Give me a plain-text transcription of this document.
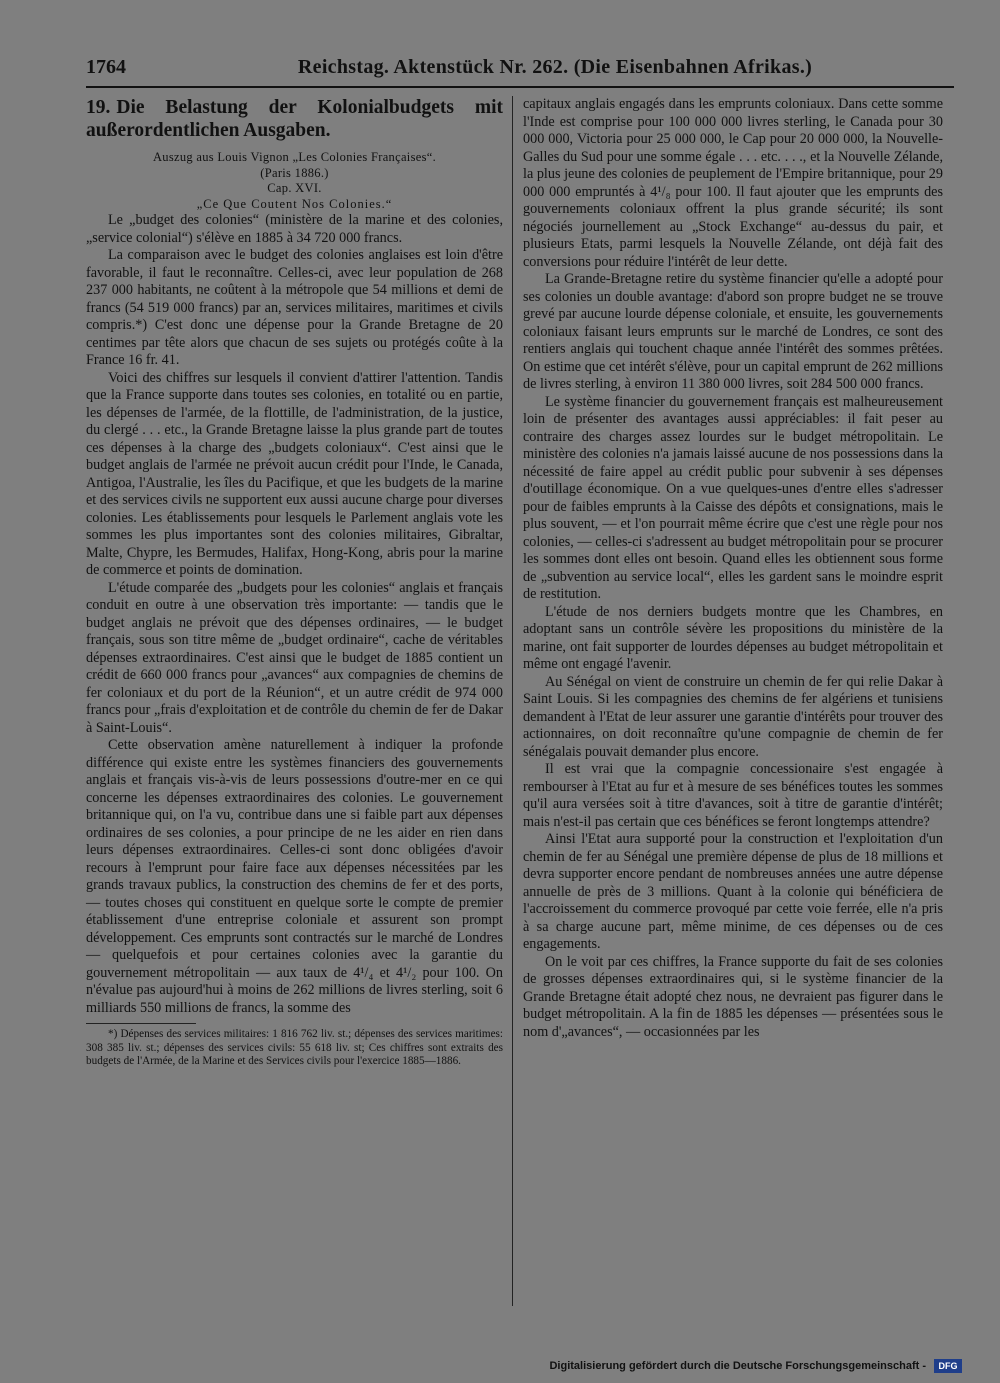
1764	Reichstag. Aktenstück Nr. 262. (Die Eisenbahnen Afrikas.)

19. Die Belastung der Kolonialbudgets mit außerordentlichen Ausgaben.

Auszug aus Louis Vignon „Les Colonies Françaises“.

(Paris 1886.)

Cap. XVI.

„Ce Que Coutent Nos Colonies.“

Le „budget des colonies“ (ministère de la marine et des colonies, „service colonial“) s'élève en 1885 à 34 720 000 francs.

La comparaison avec le budget des colonies anglaises est loin d'être favorable, il faut le reconnaître. Celles-ci, avec leur population de 268 237 000 habitants, ne coûtent à la métropole que 54 millions et demi de francs (54 519 000 francs) par an, services militaires, maritimes et civils compris.*) C'est donc une dépense pour la Grande Bretagne de 20 centimes par tête alors que chacun de ses sujets ou protégés coûte à la France 16 fr. 41.

Voici des chiffres sur lesquels il convient d'attirer l'attention. Tandis que la France supporte dans toutes ses colonies, en totalité ou en partie, les dépenses de l'armée, de la flottille, de l'administration, de la justice, du clergé . . . etc., la Grande Bretagne laisse la plus grande part de toutes ces dépenses à la charge des „budgets coloniaux“. C'est ainsi que le budget anglais de l'armée ne prévoit aucun crédit pour l'Inde, le Canada, Antigoa, l'Australie, les îles du Pacifique, et que les budgets de la marine et des services civils ne supportent eux aussi aucune charge pour diverses colonies. Les établissements pour lesquels le Parlement anglais vote les sommes les plus importantes sont des colonies militaires, Gibraltar, Malte, Chypre, les Bermudes, Halifax, Hong-Kong, abris pour la marine de commerce et points de domination.

L'étude comparée des „budgets pour les colonies“ anglais et français conduit en outre à une observation très importante: — tandis que le budget anglais ne prévoit que des dépenses ordinaires, — le budget français, sous son titre même de „budget ordinaire“, cache de véritables dépenses extraordinaires. C'est ainsi que le budget de 1885 contient un crédit de 660 000 francs pour „avances“ aux compagnies de chemins de fer coloniaux et du port de la Réunion“, et un autre crédit de 974 000 francs pour „frais d'exploitation et de contrôle du chemin de fer de Dakar à Saint-Louis“.

Cette observation amène naturellement à indiquer la profonde différence qui existe entre les systèmes financiers des gouvernements anglais et français vis-à-vis de leurs possessions d'outre-mer en ce qui concerne les dépenses extraordinaires des colonies. Le gouvernement britannique qui, on l'a vu, contribue dans une si faible part aux dépenses ordinaires de ses colonies, a pour principe de ne les aider en rien dans leurs dépenses extraordinaires. Celles-ci sont donc obligées d'avoir recours à l'emprunt pour faire face aux dépenses nécessitées par les grands travaux publics, la construction des chemins de fer et des ports, — toutes choses qui constituent en quelque sorte le compte de premier établissement d'une entreprise coloniale et assurent son prompt développement. Ces emprunts sont contractés sur le marché de Londres — quelquefois et pour certaines colonies avec la garantie du gouvernement métropolitain — aux taux de 4¹/₄ et 4¹/₂ pour 100. On n'évalue pas aujourd'hui à moins de 262 millions de livres sterling, soit 6 milliards 550 millions de francs, la somme des

*) Dépenses des services militaires: 1 816 762 liv. st.; dépenses des services maritimes: 308 385 liv. st.; dépenses des services civils: 55 618 liv. st; Ces chiffres sont extraits des budgets de l'Armée, de la Marine et des Services civils pour l'exercice 1885—1886.

capitaux anglais engagés dans les emprunts coloniaux. Dans cette somme l'Inde est comprise pour 100 000 000 livres sterling, le Canada pour 30 000 000, Victoria pour 25 000 000, le Cap pour 20 000 000, la Nouvelle-Galles du Sud pour une somme égale . . . etc. . . ., et la Nouvelle Zélande, la plus jeune des colonies de peuplement de l'Empire britannique, pour 29 000 000 empruntés à 4¹/₈ pour 100. Il faut ajouter que les emprunts des gouvernements coloniaux offrent la plus grande sécurité; ils sont négociés journellement au „Stock Exchange“ au-dessus du pair, et plusieurs Etats, parmi lesquels la Nouvelle Zélande, ont déjà fait des conversions pour réduire l'intérêt de leur dette.

La Grande-Bretagne retire du système financier qu'elle a adopté pour ses colonies un double avantage: d'abord son propre budget ne se trouve grevé par aucune lourde dépense coloniale, et ensuite, les gouvernements coloniaux faisant leurs emprunts sur le marché de Londres, ce sont des rentiers anglais qui touchent chaque année l'intérêt des sommes prêtées. On estime que cet intérêt s'élève, pour un capital emprunt de 262 millions de livres sterling, à environ 11 380 000 livres, soit 284 500 000 francs.

Le système financier du gouvernement français est malheureusement loin de présenter des avantages aussi appréciables: il fait peser au contraire des charges assez lourdes sur le budget métropolitain. Le ministère des colonies n'a jamais laissé aucune de nos possessions dans la nécessité de faire appel au crédit public pour subvenir à ses dépenses d'outillage économique. On a vue quelques-unes d'entre elles s'adresser pour de faibles emprunts à la Caisse des dépôts et consignations, mais le plus souvent, — et l'on pourrait même écrire que c'est une règle pour nos colonies, — celles-ci s'adressent au budget métropolitain pour se procurer les sommes dont elles ont besoin. Quand elles les obtiennent sous forme de „subvention au service local“, elles les gardent sans le moindre esprit de restitution.

L'étude de nos derniers budgets montre que les Chambres, en adoptant sans un contrôle sévère les propositions du ministère de la marine, ont fait supporter de lourdes dépenses au budget métropolitain et même ont engagé l'avenir.

Au Sénégal on vient de construire un chemin de fer qui relie Dakar à Saint Louis. Si les compagnies des chemins de fer algériens et tunisiens demandent à l'Etat de leur assurer une garantie d'intérêts pour trouver des actionnaires, on doit reconnaître qu'une compagnie de chemin de fer sénégalais pouvait demander plus encore.

Il est vrai que la compagnie concessionaire s'est engagée à rembourser à l'Etat au fur et à mesure de ses bénéfices toutes les sommes qu'il aura versées soit à titre d'avances, soit à titre de garantie d'intérêt; mais n'est-il pas certain que ces bénéfices se feront longtemps attendre?

Ainsi l'Etat aura supporté pour la construction et l'exploitation d'un chemin de fer au Sénégal une première dépense de plus de 18 millions et devra supporter encore pendant de nombreuses années une autre dépense annuelle de près de 3 millions. Quant à la colonie qui bénéficiera de l'accroissement du commerce provoqué par cette voie ferrée, elle n'a pris à sa charge aucune part, même minime, de ces dépenses ou de ces engagements.

On le voit par ces chiffres, la France supporte du fait de ses colonies de grosses dépenses extraordinaires qui, si le système financier de la Grande Bretagne était adopté chez nous, ne devraient pas figurer dans le budget métropolitain. A la fin de 1885 les dépenses — présentées sous le nom d'„avances“, — occasionnées par les

Digitalisierung gefördert durch die Deutsche Forschungsgemeinschaft -	DFG
